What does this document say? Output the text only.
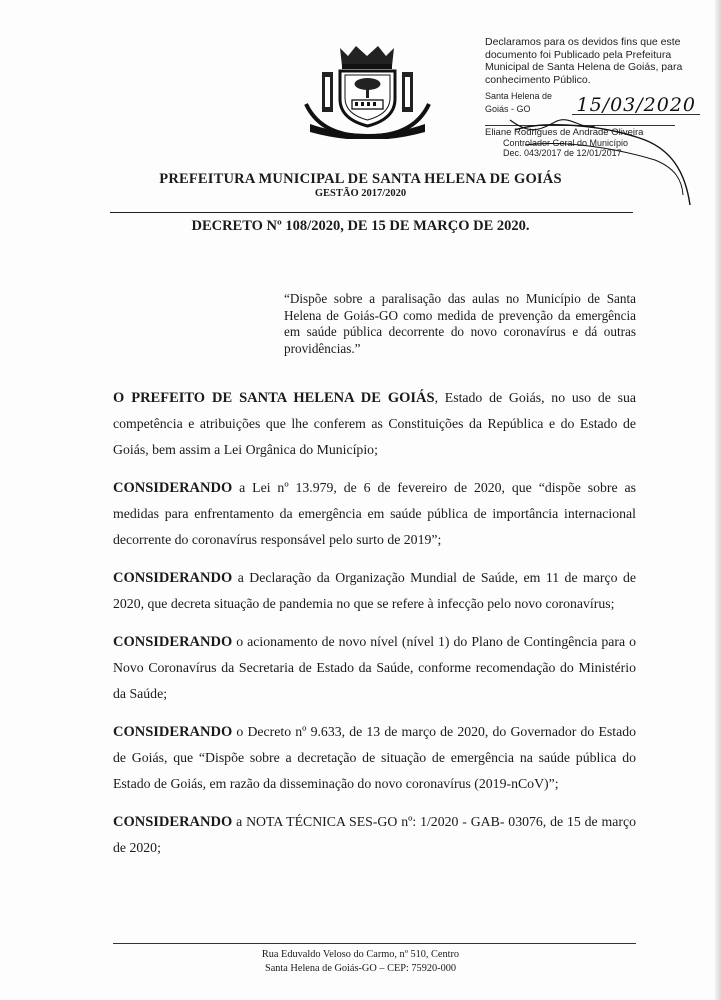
Declaramos para os devidos fins que este
documento foi Publicado pela Prefeitura
Municipal de Santa Helena de Goiás, para
conhecimento Público.
Santa Helena de Goiás - GO	15/03/2020
Eliane Rodrigues de Andrade Oliveira
Controlador Geral do Município
Dec. 043/2017 de 12/01/2017
PREFEITURA MUNICIPAL DE SANTA HELENA DE GOIÁS
GESTÃO 2017/2020
DECRETO Nº 108/2020, DE 15 DE MARÇO DE 2020.
“Dispõe sobre a paralisação das aulas no Município de Santa Helena de Goiás-GO como medida de prevenção da emergência em saúde pública decorrente do novo coronavírus e dá outras providências.”

O PREFEITO DE SANTA HELENA DE GOIÁS, Estado de Goiás, no uso de sua competência e atribuições que lhe conferem as Constituições da República e do Estado de Goiás, bem assim a Lei Orgânica do Município;

CONSIDERANDO a Lei nº 13.979, de 6 de fevereiro de 2020, que “dispõe sobre as medidas para enfrentamento da emergência em saúde pública de importância internacional decorrente do coronavírus responsável pelo surto de 2019”;

CONSIDERANDO a Declaração da Organização Mundial de Saúde, em 11 de março de 2020, que decreta situação de pandemia no que se refere à infecção pelo novo coronavírus;

CONSIDERANDO o acionamento de novo nível (nível 1) do Plano de Contingência para o Novo Coronavírus da Secretaria de Estado da Saúde, conforme recomendação do Ministério da Saúde;

CONSIDERANDO o Decreto nº 9.633, de 13 de março de 2020, do Governador do Estado de Goiás, que “Dispõe sobre a decretação de situação de emergência na saúde pública do Estado de Goiás, em razão da disseminação do novo coronavírus (2019-nCoV)”;

CONSIDERANDO a NOTA TÉCNICA SES-GO nº: 1/2020 - GAB- 03076, de 15 de março de 2020;

Rua Eduvaldo Veloso do Carmo, nº 510, Centro
Santa Helena de Goiás-GO – CEP: 75920-000
